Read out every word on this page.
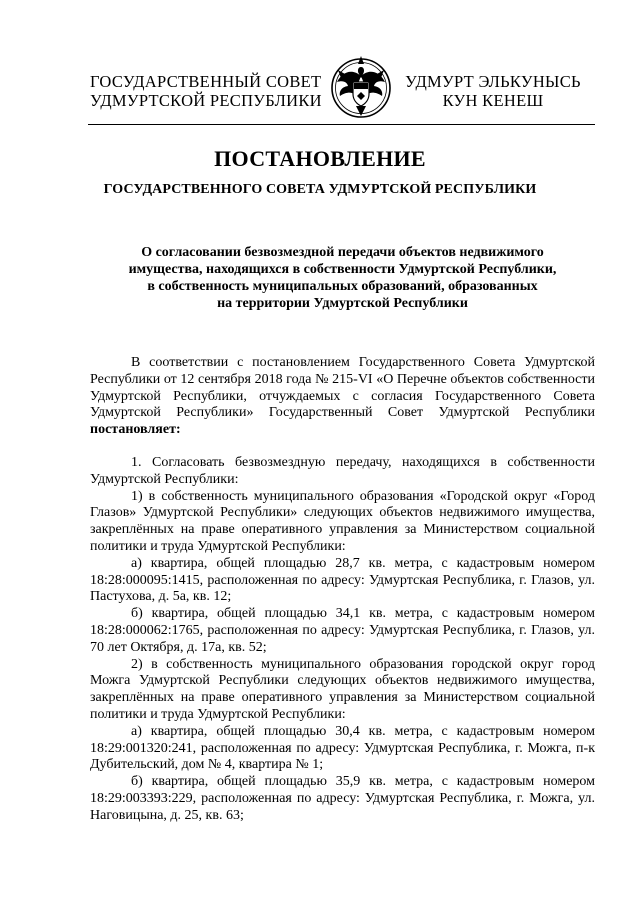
ГОСУДАРСТВЕННЫЙ СОВЕТ
УДМУРТСКОЙ РЕСПУБЛИКИ
УДМУРТ ЭЛЬКУНЫСЬ
КУН КЕНЕШ
ПОСТАНОВЛЕНИЕ
ГОСУДАРСТВЕННОГО СОВЕТА УДМУРТСКОЙ РЕСПУБЛИКИ
О согласовании безвозмездной передачи объектов недвижимого
имущества, находящихся в собственности Удмуртской Республики,
в собственность муниципальных образований, образованных
на территории Удмуртской Республики

В соответствии с постановлением Государственного Совета Удмуртской Республики от 12 сентября 2018 года № 215-VI «О Перечне объектов собственности Удмуртской Республики, отчуждаемых с согласия Государственного Совета Удмуртской Республики» Государственный Совет Удмуртской Республики постановляет:

1. Согласовать безвозмездную передачу, находящихся в собственности Удмуртской Республики:

1) в собственность муниципального образования «Городской округ «Город Глазов» Удмуртской Республики» следующих объектов недвижимого имущества, закреплённых на праве оперативного управления за Министерством социальной политики и труда Удмуртской Республики:

а) квартира, общей площадью 28,7 кв. метра, с кадастровым номером 18:28:000095:1415, расположенная по адресу: Удмуртская Республика, г. Глазов, ул. Пастухова, д. 5а, кв. 12;

б) квартира, общей площадью 34,1 кв. метра, с кадастровым номером 18:28:000062:1765, расположенная по адресу: Удмуртская Республика, г. Глазов, ул. 70 лет Октября, д. 17а, кв. 52;

2) в собственность муниципального образования городской округ город Можга Удмуртской Республики следующих объектов недвижимого имущества, закреплённых на праве оперативного управления за Министерством социальной политики и труда Удмуртской Республики:

а) квартира, общей площадью 30,4 кв. метра, с кадастровым номером 18:29:001320:241, расположенная по адресу: Удмуртская Республика, г. Можга, п-к Дубительский, дом № 4, квартира № 1;

б) квартира, общей площадью 35,9 кв. метра, с кадастровым номером 18:29:003393:229, расположенная по адресу: Удмуртская Республика, г. Можга, ул. Наговицына, д. 25, кв. 63;
